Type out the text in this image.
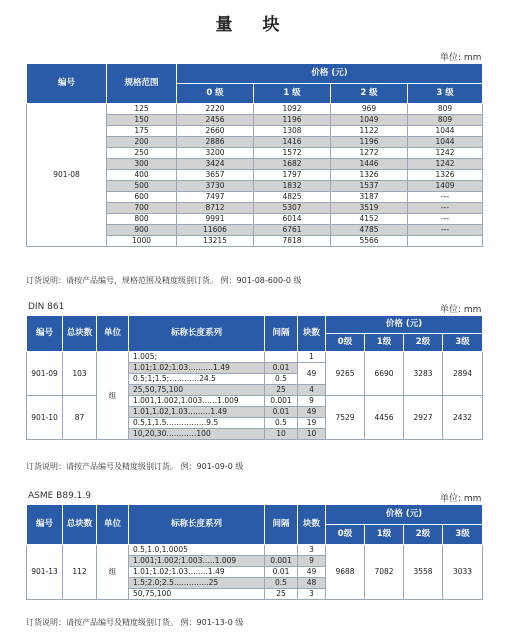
量 块
单位: mm
编号	规格范围	价格 (元)			
		0 级	1 级	2 级	3 级
901-08	125	2220	1092	969	809
	150	2456	1196	1049	809
	175	2660	1308	1122	1044
	200	2886	1416	1196	1044
	250	3200	1572	1272	1242
	300	3424	1682	1446	1242
	400	3657	1797	1326	1326
	500	3730	1832	1537	1409
	600	7497	4825	3187	---
	700	8712	5307	3519	---
	800	9991	6014	4152	---
	900	11606	6761	4785	---
	1000	13215	7818	5566	
订货说明：请按产品编号，规格范围及精度级别订货。 例：901-08-600-0 级
DIN 861	单位: mm
编号	总块数	单位	标称长度系列	间隔	块数	价格 (元)			
						0级	1级	2级	3级
901-09	103	组	1.005;		1	9265	6690	3283	2894
			1.01;1.02;1.03……….1.49	0.01	49				
			0.5;1;1.5;…………24.5	0.5					
			25,50,75,100	25	4				
901-10	87		1.001,1.002,1.003……1.009	0.001	9	7529	4456	2927	2432
			1.01,1.02,1.03………1.49	0.01	49				
			0.5,1,1.5…………….9.5	0.5	19				
			10,20,30…………100	10	10				
订货说明：请按产品编号及精度级别订货。 例：901-09-0 级
ASME B89.1.9	单位: mm
编号	总块数	单位	标称长度系列	间隔	块数	价格 (元)			
						0级	1级	2级	3级
901-13	112	组	0.5,1.0,1.0005		3	9688	7082	3558	3033
			1.001;1.002;1.003…..1.009	0.001	9				
			1.01;1.02;1.03……..1.49	0.01	49				
			1.5;2.0;2.5…………..25	0.5	48				
			50,75,100	25	3				
订货说明：请按产品编号及精度级别订货。 例：901-13-0 级
